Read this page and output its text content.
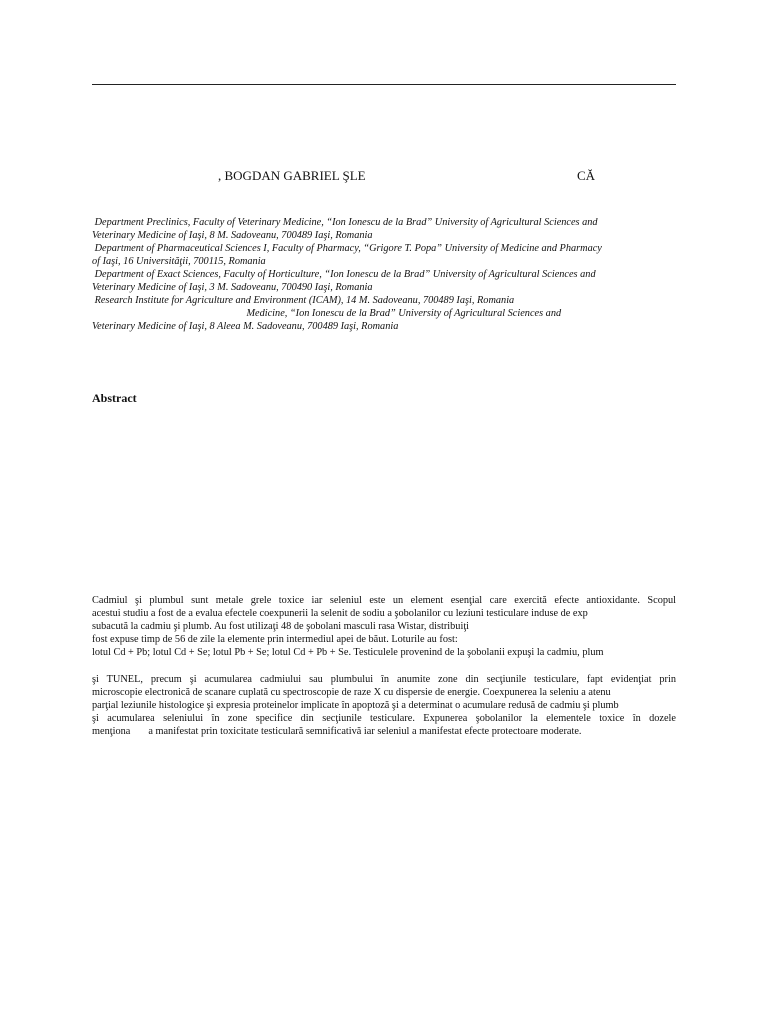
, BOGDAN GABRIEL ŞLE	CĂ
Department Preclinics, Faculty of Veterinary Medicine, “Ion Ionescu de la Brad” University of Agricultural Sciences and
Veterinary Medicine of Iaşi, 8 M. Sadoveanu, 700489 Iaşi, Romania
Department of Pharmaceutical Sciences I, Faculty of Pharmacy, “Grigore T. Popa” University of Medicine and Pharmacy
of Iaşi, 16 Universităţii, 700115, Romania
Department of Exact Sciences, Faculty of Horticulture, “Ion Ionescu de la Brad” University of Agricultural Sciences and
Veterinary Medicine of Iaşi, 3 M. Sadoveanu, 700490 Iaşi, Romania
Research Institute for Agriculture and Environment (ICAM), 14 M. Sadoveanu, 700489 Iaşi, Romania
Medicine, “Ion Ionescu de la Brad” University of Agricultural Sciences and
Veterinary Medicine of Iaşi, 8 Aleea M. Sadoveanu, 700489 Iaşi, Romania
Abstract
Cadmiul şi plumbul sunt metale grele toxice iar seleniul este un element esenţial care exercită efecte antioxidante. Scopul
acestui studiu a fost de a evalua efectele coexpunerii la selenit de sodiu a şobolanilor cu leziuni testiculare induse de exp
subacută la cadmiu şi plumb. Au fost utilizaţi 48 de şobolani masculi rasa Wistar, distribuiţi
fost expuse timp de 56 de zile la elemente prin intermediul apei de băut. Loturile au fost:
lotul Cd + Pb; lotul Cd + Se; lotul Pb + Se; lotul Cd + Pb + Se. Testiculele provenind de la şobolanii expuşi la cadmiu, plum
şi TUNEL, precum şi acumularea cadmiului sau plumbului în anumite zone din secţiunile testiculare, fapt evidenţiat prin
microscopie electronică de scanare cuplată cu spectroscopie de raze X cu dispersie de energie. Coexpunerea la seleniu a atenu
parţial leziunile histologice şi expresia proteinelor implicate în apoptoză şi a determinat o acumulare redusă de cadmiu şi plumb
şi acumularea seleniului în zone specifice din secţiunile testiculare. Expunerea şobolanilor la elementele toxice în dozele
menţiona       a manifestat prin toxicitate testiculară semnificativă iar seleniul a manifestat efecte protectoare moderate.
